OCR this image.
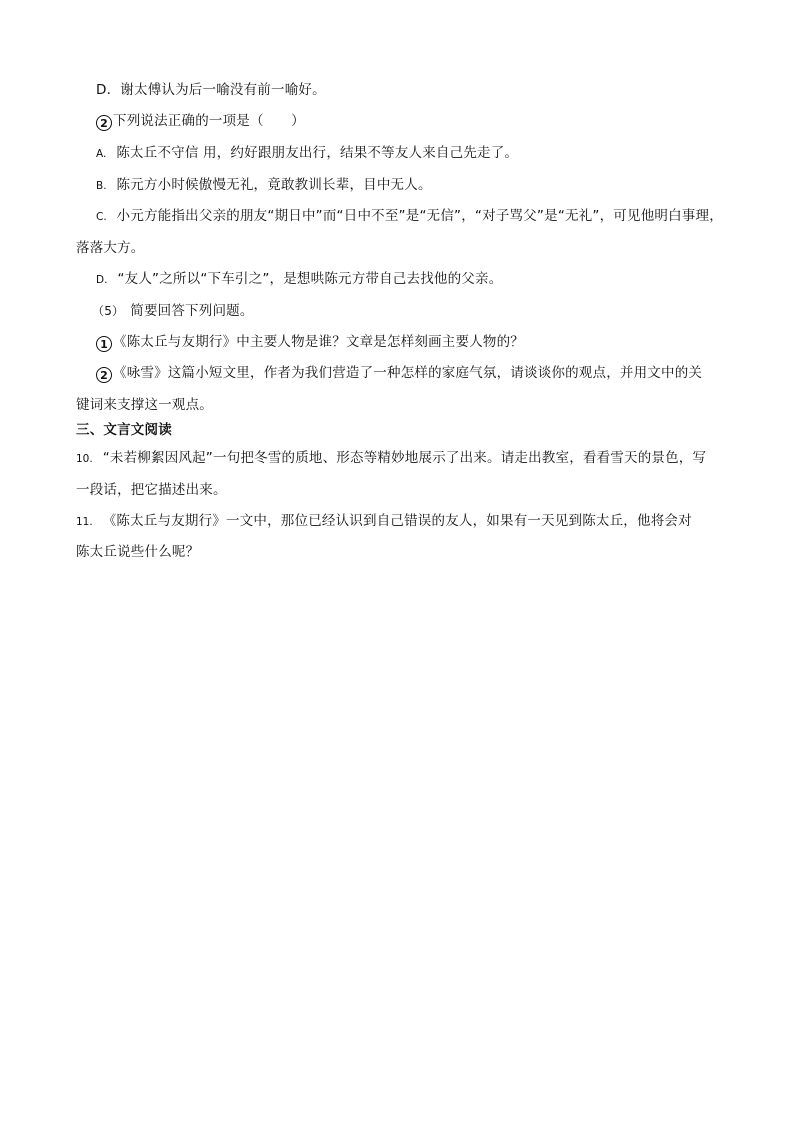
D．谢太傅认为后一喻没有前一喻好。
2 下列说法正确的一项是（　　）
A. 陈太丘不守信 用，约好跟朋友出行，结果不等友人来自己先走了。
B. 陈元方小时候傲慢无礼，竟敢教训长辈，目中无人。
C. 小元方能指出父亲的朋友“期日中”而“日中不至”是“无信”，“对子骂父”是“无礼”，可见他明白事理，
落落大方。
D. “友人”之所以“下车引之”，是想哄陈元方带自己去找他的父亲。
（5） 简要回答下列问题。
1 《陈太丘与友期行》中主要人物是谁？文章是怎样刻画主要人物的？
2 《咏雪》这篇小短文里，作者为我们营造了一种怎样的家庭气氛，请谈谈你的观点，并用文中的关
键词来支撑这一观点。
三、文言文阅读
10. “未若柳絮因风起”一句把冬雪的质地、形态等精妙地展示了出来。请走出教室，看看雪天的景色，写
一段话，把它描述出来。
11. 《陈太丘与友期行》一文中，那位已经认识到自己错误的友人，如果有一天见到陈太丘，他将会对
陈太丘说些什么呢？
